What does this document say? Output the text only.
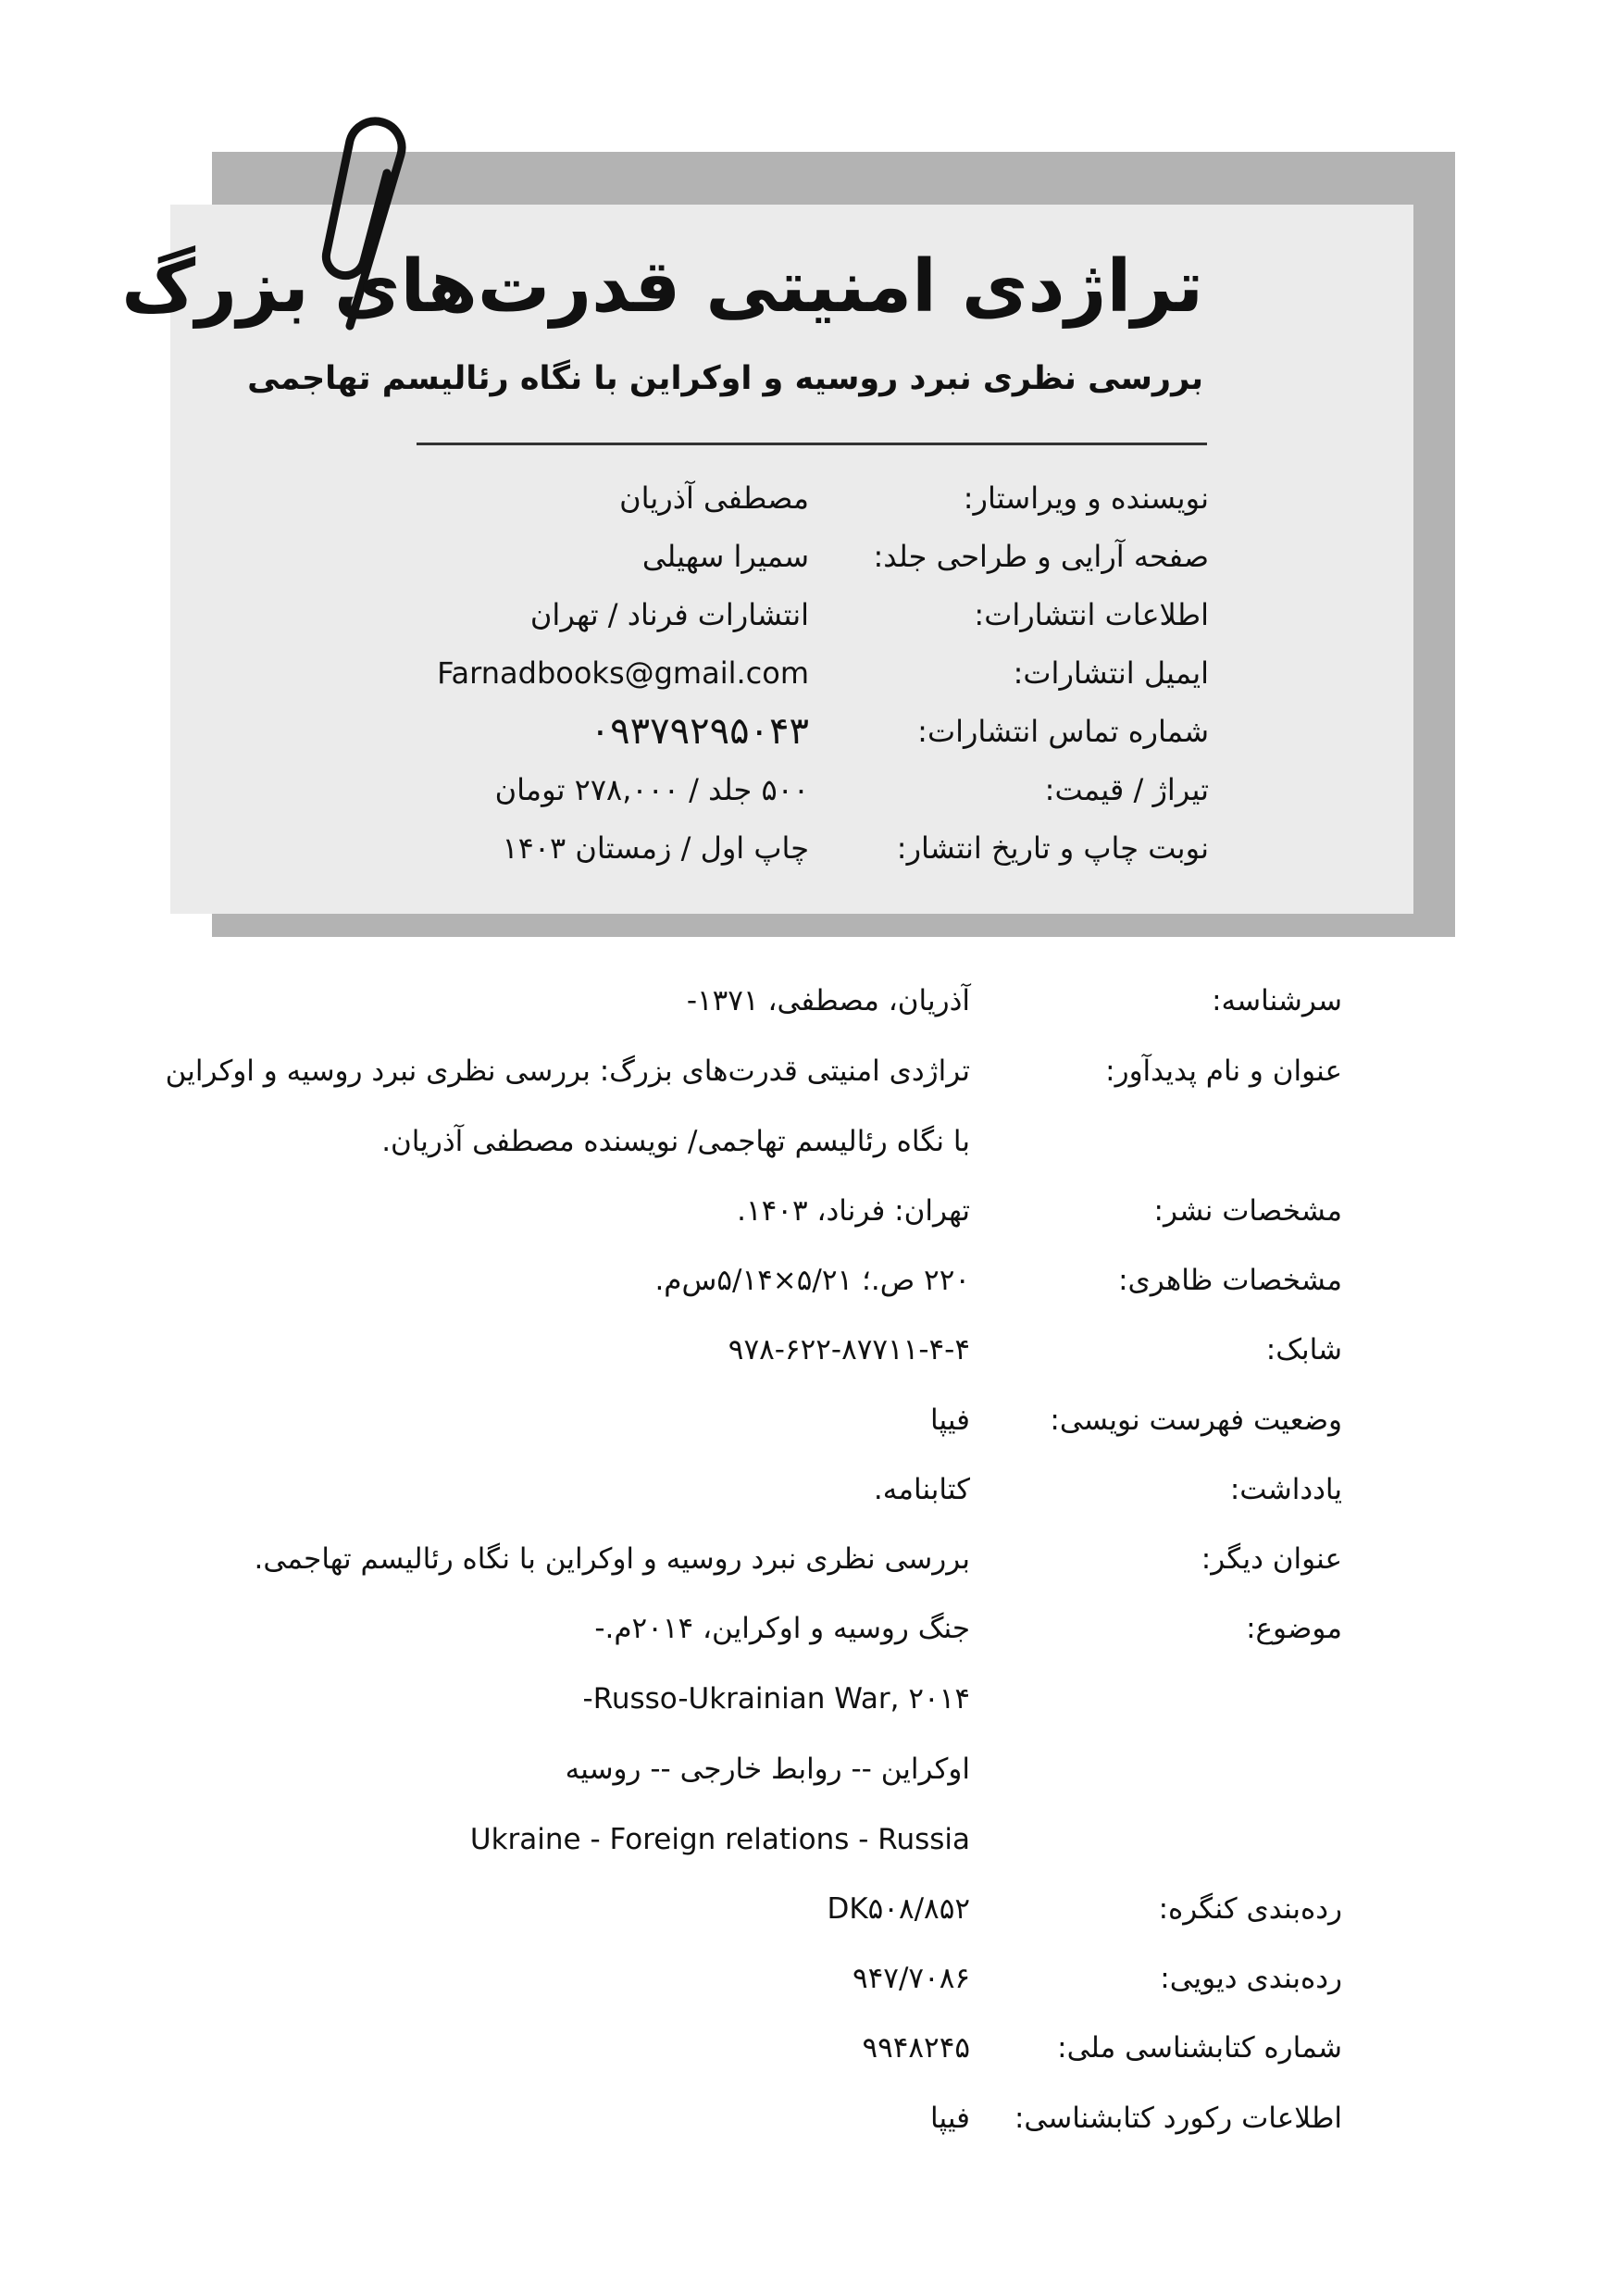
تراژدی امنیتی قدرت‌های بزرگ
بررسی نظری نبرد روسیه و اوکراین با نگاه رئالیسم تهاجمی
نویسنده و ویراستار:
مصطفی آذریان
صفحه آرایی و طراحی جلد:
سمیرا سهیلی
اطلاعات انتشارات:
انتشارات فرناد / تهران
ایمیل انتشارات:
Farnadbooks@gmail.com
شماره تماس انتشارات:
۰۹۳۷۹۲۹۵۰۴۳
تیراژ / قیمت:
۵۰۰ جلد / ۲۷۸,۰۰۰ تومان
نوبت چاپ و تاریخ انتشار:
چاپ اول / زمستان ۱۴۰۳
سرشناسه:
آذریان، مصطفی، ۱۳۷۱-
عنوان و نام پدیدآور:
تراژدی امنیتی قدرت‌های بزرگ: بررسی نظری نبرد روسیه و اوکراین
با نگاه رئالیسم تهاجمی/ نویسنده مصطفی آذریان.
مشخصات نشر:
تهران: فرناد، ۱۴۰۳.
مشخصات ظاهری:
۲۲۰ ص.؛ ۵/۲۱×۵/۱۴س‌م.
شابک:
۹۷۸-۶۲۲-۸۷۷۱۱-۴-۴
وضعیت فهرست نویسی:
فیپا
یادداشت:
کتابنامه.
عنوان دیگر:
بررسی نظری نبرد روسیه و اوکراین با نگاه رئالیسم تهاجمی.
موضوع:
جنگ روسیه و اوکراین، ۲۰۱۴م.-
Russo-Ukrainian War, ۲۰۱۴-
اوکراین -- روابط خارجی -- روسیه
Ukraine - Foreign relations - Russia
رده‌بندی کنگره:
DK۵۰۸/۸۵۲
رده‌بندی دیویی:
۹۴۷/۷۰۸۶
شماره کتابشناسی ملی:
۹۹۴۸۲۴۵
اطلاعات رکورد کتابشناسی:
فیپا
